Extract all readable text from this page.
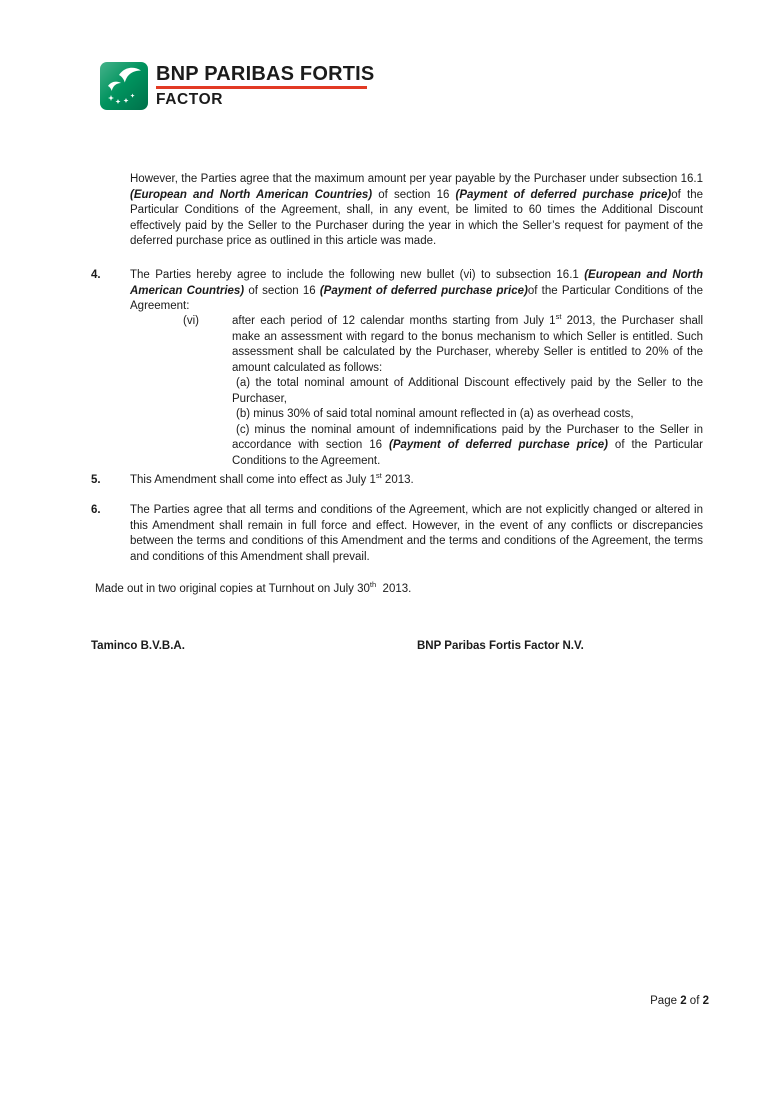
BNP PARIBAS FORTIS
FACTOR
However, the Parties agree that the maximum amount per year payable by the Purchaser under subsection 16.1 (European and North American Countries) of section 16 (Payment of deferred purchase price)of the Particular Conditions of the Agreement, shall, in any event, be limited to 60 times the Additional Discount effectively paid by the Seller to the Purchaser during the year in which the Seller’s request for payment of the deferred purchase price as outlined in this article was made.
4.	The Parties hereby agree to include the following new bullet (vi) to subsection 16.1 (European and North American Countries) of section 16 (Payment of deferred purchase price)of the Particular Conditions of the Agreement:
(vi)	after each period of 12 calendar months starting from July 1st 2013, the Purchaser shall make an assessment with regard to the bonus mechanism to which Seller is entitled. Such assessment shall be calculated by the Purchaser, whereby Seller is entitled to 20% of the amount calculated as follows:
(a) the total nominal amount of Additional Discount effectively paid by the Seller to the Purchaser,
(b) minus 30% of said total nominal amount reflected in (a) as overhead costs,
(c) minus the nominal amount of indemnifications paid by the Purchaser to the Seller in accordance with section 16 (Payment of deferred purchase price) of the Particular Conditions to the Agreement.
5.	This Amendment shall come into effect as July 1st 2013.
6.	The Parties agree that all terms and conditions of the Agreement, which are not explicitly changed or altered in this Amendment shall remain in full force and effect. However, in the event of any conflicts or discrepancies between the terms and conditions of this Amendment and the terms and conditions of the Agreement, the terms and conditions of this Amendment shall prevail.
Made out in two original copies at Turnhout on July 30th  2013.
Taminco B.V.B.A.	BNP Paribas Fortis Factor N.V.
Page 2 of 2
